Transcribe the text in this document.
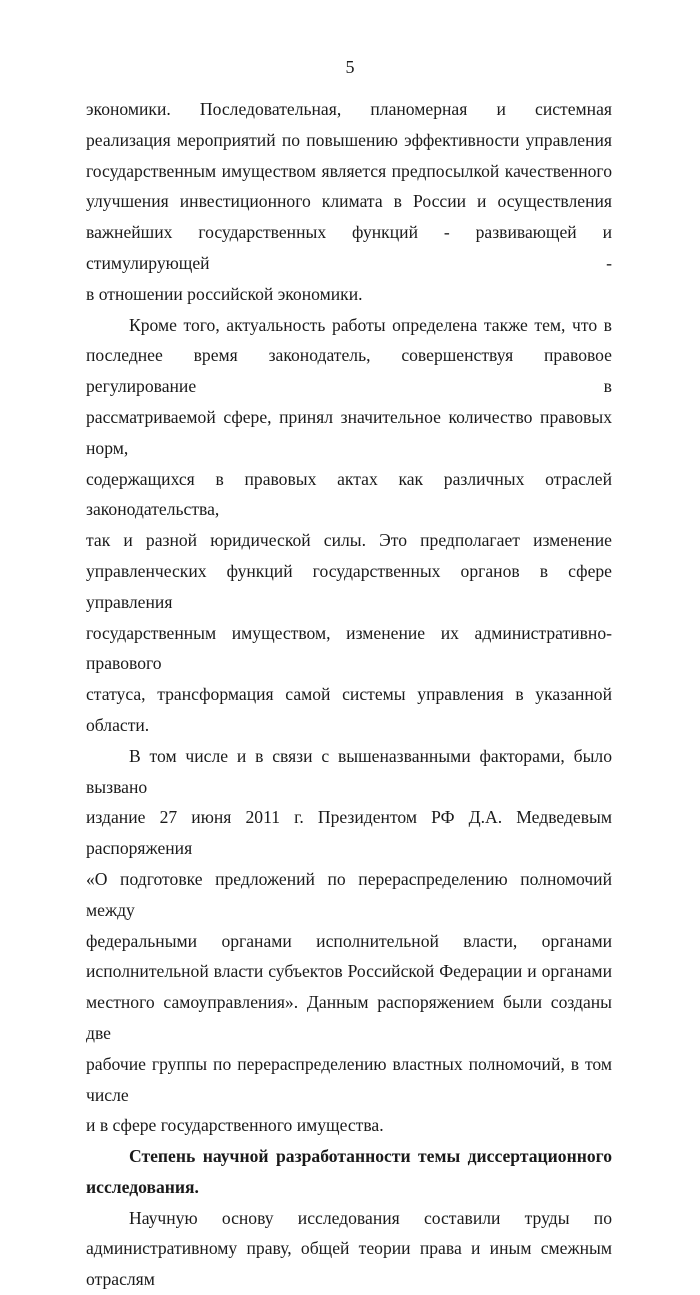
5

экономики. Последовательная, планомерная и системная

реализация мероприятий по повышению эффективности управления

государственным имуществом является предпосылкой качественного

улучшения инвестиционного климата в России и осуществления

важнейших государственных функций - развивающей и стимулирующей -

в отношении российской экономики.

Кроме того, актуальность работы определена также тем, что в

последнее время законодатель, совершенствуя правовое регулирование в

рассматриваемой сфере, принял значительное количество правовых норм,

содержащихся в правовых актах как различных отраслей законодательства,

так и разной юридической силы. Это предполагает изменение

управленческих функций государственных органов в сфере управления

государственным имуществом, изменение их административно-правового

статуса, трансформация самой системы управления в указанной области.

В том числе и в связи с вышеназванными факторами, было вызвано

издание 27 июня 2011 г. Президентом РФ Д.А. Медведевым распоряжения

«О подготовке предложений по перераспределению полномочий между

федеральными органами исполнительной власти, органами

исполнительной власти субъектов Российской Федерации и органами

местного самоуправления». Данным распоряжением были созданы две

рабочие группы по перераспределению властных полномочий, в том числе

и в сфере государственного имущества.

Степень научной разработанности темы диссертационного

исследования.

Научную основу исследования составили труды по

административному праву, общей теории права и иным смежным отраслям
